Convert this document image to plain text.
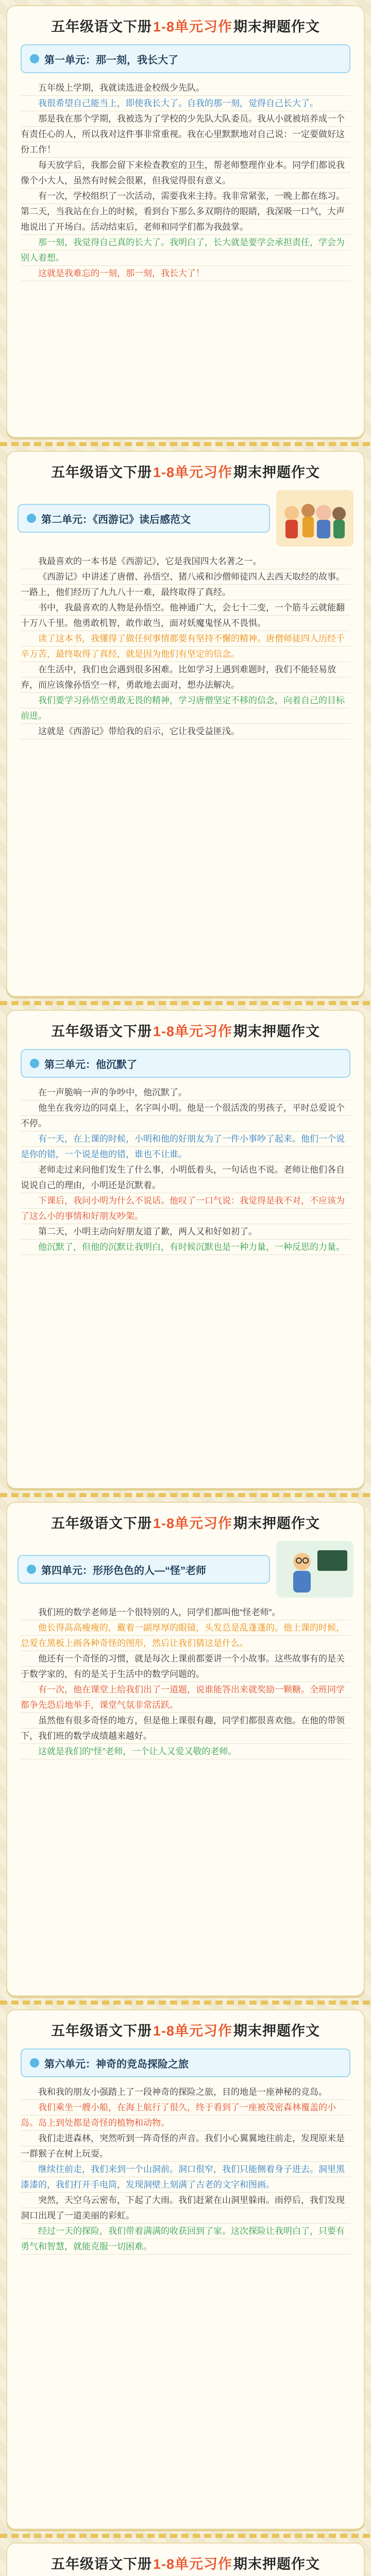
五年级语文下册 1-8单元习作 期末押题作文
第一单元：那一刻，我长大了

五年级上学期，我就读选进金校级少先队。

我很希望自己能当上，即使我长大了。自我的那一刻，觉得自己长大了。

那是我在那个学期，我被选为了学校的少先队大队委员。我从小就被培养成一个有责任心的人，所以我对这件事非常重视。我在心里默默地对自己说：一定要做好这份工作！

每天放学后，我都会留下来检查教室的卫生，帮老师整理作业本。同学们都说我像个小大人，虽然有时候会很累，但我觉得很有意义。

有一次，学校组织了一次活动，需要我来主持。我非常紧张，一晚上都在练习。第二天，当我站在台上的时候，看到台下那么多双期待的眼睛，我深吸一口气，大声地说出了开场白。活动结束后，老师和同学们都为我鼓掌。

那一刻，我觉得自己真的长大了。我明白了，长大就是要学会承担责任，学会为别人着想。

这就是我难忘的一刻，那一刻，我长大了！

五年级语文下册 1-8单元习作 期末押题作文
第二单元：《西游记》读后感范文

我最喜欢的一本书是《西游记》，它是我国四大名著之一。

《西游记》中讲述了唐僧、孙悟空、猪八戒和沙僧师徒四人去西天取经的故事。一路上，他们经历了九九八十一难，最终取得了真经。

书中，我最喜欢的人物是孙悟空。他神通广大，会七十二变，一个筋斗云就能翻十万八千里。他勇敢机智，敢作敢当，面对妖魔鬼怪从不畏惧。

读了这本书，我懂得了做任何事情都要有坚持不懈的精神。唐僧师徒四人历经千辛万苦，最终取得了真经，就是因为他们有坚定的信念。

在生活中，我们也会遇到很多困难。比如学习上遇到难题时，我们不能轻易放弃，而应该像孙悟空一样，勇敢地去面对，想办法解决。

我们要学习孙悟空勇敢无畏的精神，学习唐僧坚定不移的信念，向着自己的目标前进。

这就是《西游记》带给我的启示，它让我受益匪浅。

五年级语文下册 1-8单元习作 期末押题作文
第三单元：他沉默了

在一声脆响一声的争吵中，他沉默了。

他坐在我旁边的同桌上，名字叫小明。他是一个很活泼的男孩子，平时总爱说个不停。

有一天，在上课的时候，小明和他的好朋友为了一件小事吵了起来。他们一个说是你的错，一个说是他的错，谁也不让谁。

老师走过来问他们发生了什么事，小明低着头，一句话也不说。老师让他们各自说说自己的理由，小明还是沉默着。

下课后，我问小明为什么不说话。他叹了一口气说：我觉得是我不对，不应该为了这么小的事情和好朋友吵架。

第二天，小明主动向好朋友道了歉，两人又和好如初了。

他沉默了，但他的沉默让我明白，有时候沉默也是一种力量，一种反思的力量。

五年级语文下册 1-8单元习作 期末押题作文
第四单元：形形色色的人—“怪”老师

我们班的数学老师是一个很特别的人，同学们都叫他“怪老师”。

他长得高高瘦瘦的，戴着一副厚厚的眼镜，头发总是乱蓬蓬的。他上课的时候，总爱在黑板上画各种奇怪的图形，然后让我们猜这是什么。

他还有一个奇怪的习惯，就是每次上课前都要讲一个小故事。这些故事有的是关于数学家的，有的是关于生活中的数学问题的。

有一次，他在课堂上给我们出了一道题，说谁能答出来就奖励一颗糖。全班同学都争先恐后地举手，课堂气氛非常活跃。

虽然他有很多奇怪的地方，但是他上课很有趣，同学们都很喜欢他。在他的带领下，我们班的数学成绩越来越好。

这就是我们的“怪”老师，一个让人又爱又敬的老师。

五年级语文下册 1-8单元习作 期末押题作文
第六单元：神奇的竞岛探险之旅

我和我的朋友小强踏上了一段神奇的探险之旅，目的地是一座神秘的竞岛。

我们乘坐一艘小船，在海上航行了很久，终于看到了一座被茂密森林覆盖的小岛。岛上到处都是奇怪的植物和动物。

我们走进森林，突然听到一阵奇怪的声音。我们小心翼翼地往前走，发现原来是一群猴子在树上玩耍。

继续往前走，我们来到一个山洞前。洞口很窄，我们只能侧着身子进去。洞里黑漆漆的，我们打开手电筒，发现洞壁上刻满了古老的文字和图画。

突然，天空乌云密布，下起了大雨。我们赶紧在山洞里躲雨。雨停后，我们发现洞口出现了一道美丽的彩虹。

经过一天的探险，我们带着满满的收获回到了家。这次探险让我明白了，只要有勇气和智慧，就能克服一切困难。

五年级语文下册 1-8单元习作 期末押题作文
